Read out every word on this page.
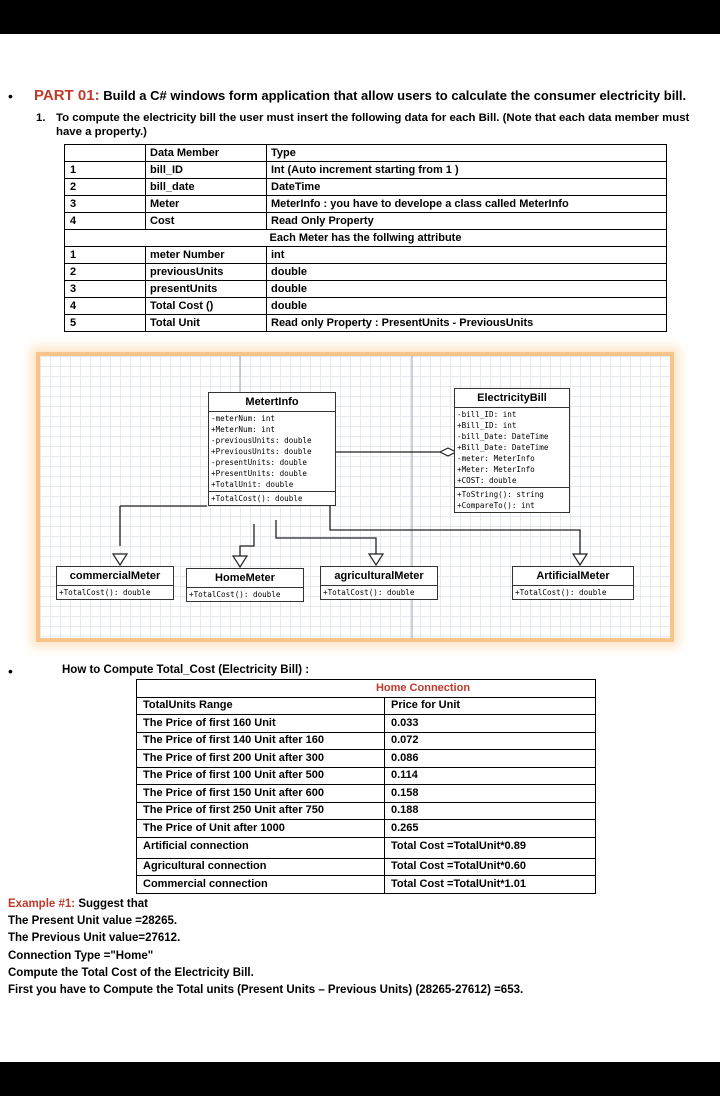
• PART 01: Build a C# windows form application that allow users to calculate the consumer electricity bill.
1. To compute the electricity bill the user must insert the following data for each Bill. (Note that each data member must have a property.)
	Data Member	Type
1	bill_ID	Int (Auto increment starting from 1 )
2	bill_date	DateTime
3	Meter	MeterInfo : you have to develope a class called MeterInfo
4	Cost	Read Only Property
Each Meter has the follwing attribute		
1	meter Number	int
2	previousUnits	double
3	presentUnits	double
4	Total Cost ()	double
5	Total Unit	Read only Property : PresentUnits - PreviousUnits
MetertInfo
-meterNum: int
+MeterNum: int
-previousUnits: double
+PreviousUnits: double
-presentUnits: double
+PresentUnits: double
+TotalUnit: double
+TotalCost(): double
ElectricityBill
-bill_ID: int
+Bill_ID: int
-bill_Date: DateTime
+Bill_Date: DateTime
-meter: MeterInfo
+Meter: MeterInfo
+COST: double
+ToString(): string
+CompareTo(): int
commercialMeter
+TotalCost(): double
HomeMeter
+TotalCost(): double
agriculturalMeter
+TotalCost(): double
ArtificialMeter
+TotalCost(): double
•	How to Compute Total_Cost (Electricity Bill) :
Home Connection	
TotalUnits Range	Price for Unit
The Price of first 160 Unit	0.033
The Price of first 140 Unit after 160	0.072
The Price of first 200 Unit after 300	0.086
The Price of first 100 Unit after 500	0.114
The Price of first 150 Unit after 600	0.158
The Price of first 250 Unit after 750	0.188
The Price of Unit after 1000	0.265
Artificial connection	Total Cost =TotalUnit*0.89
Agricultural connection	Total Cost =TotalUnit*0.60
Commercial connection	Total Cost =TotalUnit*1.01
Example #1: Suggest that
The Present Unit value =28265.
The Previous Unit value=27612.
Connection Type ="Home"
Compute the Total Cost of the Electricity Bill.
First you have to Compute the Total units (Present Units – Previous Units) (28265-27612) =653.
